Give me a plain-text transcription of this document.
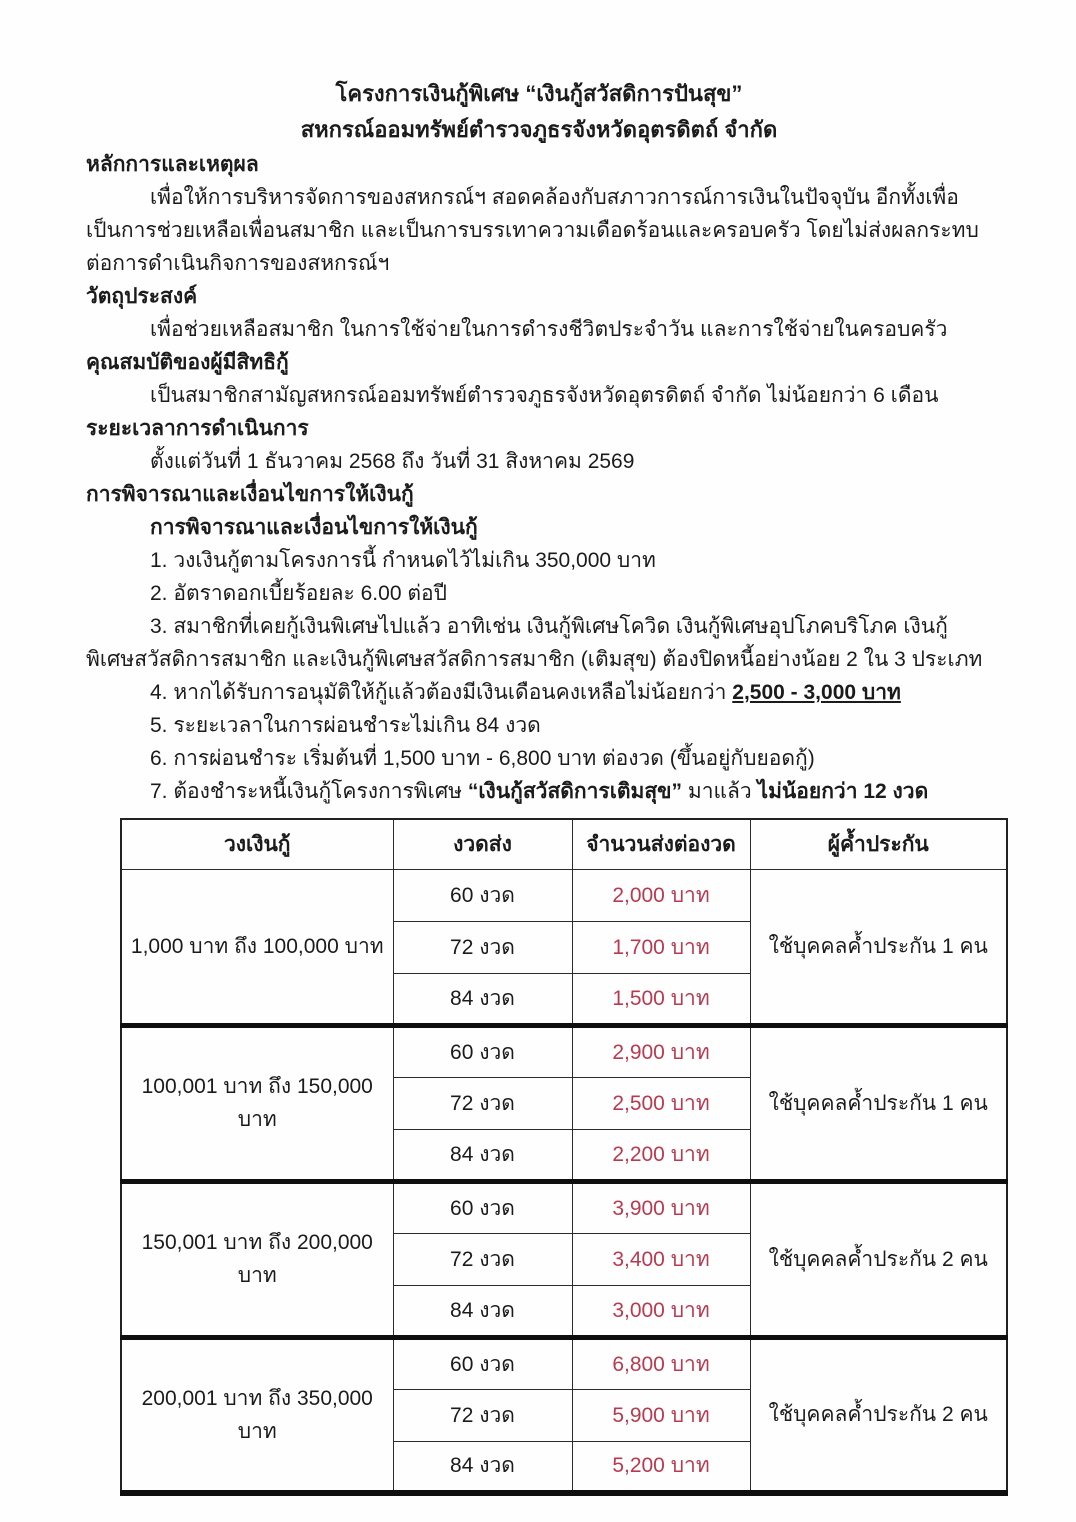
โครงการเงินกู้พิเศษ “เงินกู้สวัสดิการปันสุข”

สหกรณ์ออมทรัพย์ตำรวจภูธรจังหวัดอุตรดิตถ์ จำกัด

หลักการและเหตุผล

เพื่อให้การบริหารจัดการของสหกรณ์ฯ สอดคล้องกับสภาวการณ์การเงินในปัจจุบัน อีกทั้งเพื่อเป็นการช่วยเหลือเพื่อนสมาชิก และเป็นการบรรเทาความเดือดร้อนและครอบครัว โดยไม่ส่งผลกระทบต่อการดำเนินกิจการของสหกรณ์ฯ

วัตถุประสงค์

เพื่อช่วยเหลือสมาชิก ในการใช้จ่ายในการดำรงชีวิตประจำวัน และการใช้จ่ายในครอบครัว

คุณสมบัติของผู้มีสิทธิกู้

เป็นสมาชิกสามัญสหกรณ์ออมทรัพย์ตำรวจภูธรจังหวัดอุตรดิตถ์ จำกัด ไม่น้อยกว่า 6 เดือน

ระยะเวลาการดำเนินการ

ตั้งแต่วันที่ 1 ธันวาคม 2568 ถึง วันที่ 31 สิงหาคม 2569

การพิจารณาและเงื่อนไขการให้เงินกู้

การพิจารณาและเงื่อนไขการให้เงินกู้

1. วงเงินกู้ตามโครงการนี้ กำหนดไว้ไม่เกิน 350,000 บาท

2. อัตราดอกเบี้ยร้อยละ 6.00 ต่อปี

3. สมาชิกที่เคยกู้เงินพิเศษไปแล้ว อาทิเช่น เงินกู้พิเศษโควิด เงินกู้พิเศษอุปโภคบริโภค เงินกู้พิเศษสวัสดิการสมาชิก และเงินกู้พิเศษสวัสดิการสมาชิก (เติมสุข) ต้องปิดหนี้อย่างน้อย 2 ใน 3 ประเภท

4. หากได้รับการอนุมัติให้กู้แล้วต้องมีเงินเดือนคงเหลือไม่น้อยกว่า 2,500 - 3,000 บาท

5. ระยะเวลาในการผ่อนชำระไม่เกิน 84 งวด

6. การผ่อนชำระ เริ่มต้นที่ 1,500 บาท - 6,800 บาท ต่องวด (ขึ้นอยู่กับยอดกู้)

7. ต้องชำระหนี้เงินกู้โครงการพิเศษ “เงินกู้สวัสดิการเติมสุข” มาแล้ว ไม่น้อยกว่า 12 งวด

วงเงินกู้	งวดส่ง	จำนวนส่งต่องวด	ผู้ค้ำประกัน
1,000 บาท ถึง 100,000 บาท	60 งวด	2,000 บาท	ใช้บุคคลค้ำประกัน 1 คน
	72 งวด	1,700 บาท	
	84 งวด	1,500 บาท	
100,001 บาท ถึง 150,000 บาท	60 งวด	2,900 บาท	ใช้บุคคลค้ำประกัน 1 คน
	72 งวด	2,500 บาท	
	84 งวด	2,200 บาท	
150,001 บาท ถึง 200,000 บาท	60 งวด	3,900 บาท	ใช้บุคคลค้ำประกัน 2 คน
	72 งวด	3,400 บาท	
	84 งวด	3,000 บาท	
200,001 บาท ถึง 350,000 บาท	60 งวด	6,800 บาท	ใช้บุคคลค้ำประกัน 2 คน
	72 งวด	5,900 บาท	
	84 งวด	5,200 บาท	
